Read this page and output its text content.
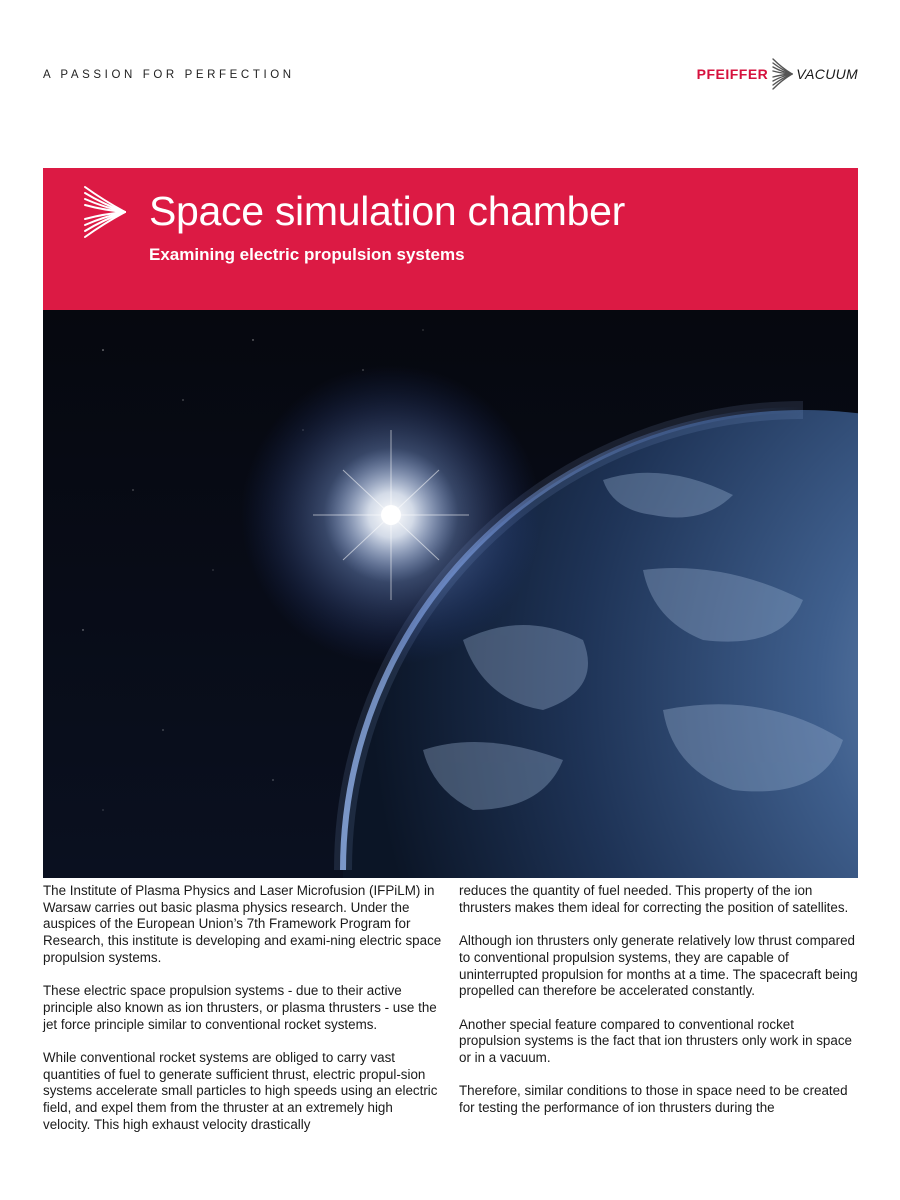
A PASSION FOR PERFECTION	PFEIFFER VACUUM
Space simulation chamber
Examining electric propulsion systems

The Institute of Plasma Physics and Laser Microfusion (IFPiLM) in Warsaw carries out basic plasma physics research. Under the auspices of the European Union’s 7th Framework Program for Research, this institute is developing and exami-ning electric space propulsion systems.

These electric space propulsion systems - due to their active principle also known as ion thrusters, or plasma thrusters - use the jet force principle similar to conventional rocket systems.

While conventional rocket systems are obliged to carry vast quantities of fuel to generate sufficient thrust, electric propul-sion systems accelerate small particles to high speeds using an electric field, and expel them from the thruster at an extremely high velocity. This high exhaust velocity drastically

reduces the quantity of fuel needed. This property of the ion thrusters makes them ideal for correcting the position of satellites.

Although ion thrusters only generate relatively low thrust compared to conventional propulsion systems, they are capable of uninterrupted propulsion for months at a time. The spacecraft being propelled can therefore be accelerated constantly.

Another special feature compared to conventional rocket propulsion systems is the fact that ion thrusters only work in space or in a vacuum.

Therefore, similar conditions to those in space need to be created for testing the performance of ion thrusters during the
